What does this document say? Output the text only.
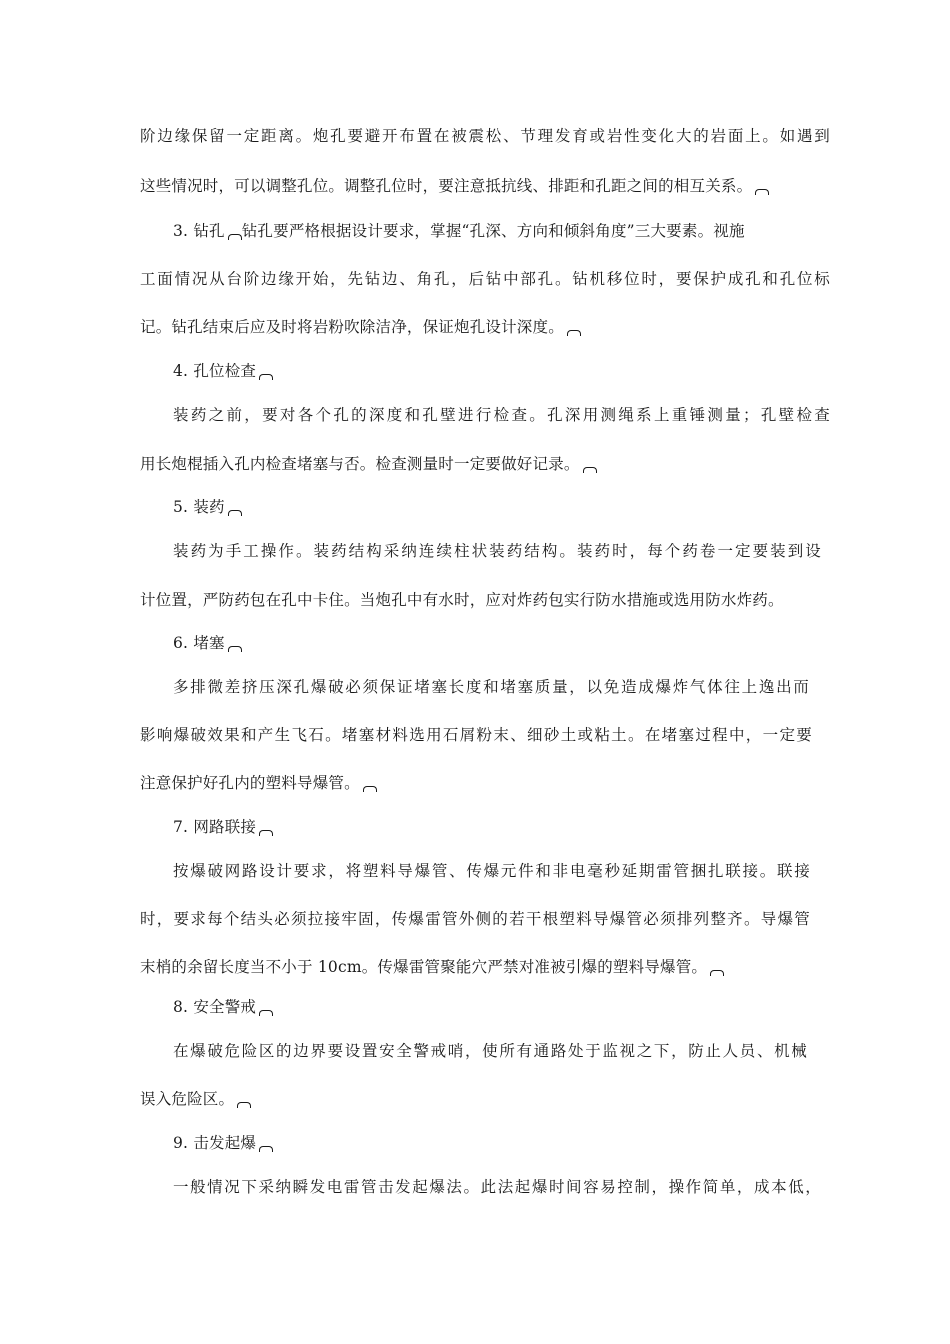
阶边缘保留一定距离。炮孔要避开布置在被震松、节理发育或岩性变化大的岩面上。如遇到
这些情况时，可以调整孔位。调整孔位时，要注意抵抗线、排距和孔距之间的相互关系。
3. 钻孔 钻孔要严格根据设计要求，掌握“孔深、方向和倾斜角度”三大要素。视施
工面情况从台阶边缘开始，先钻边、角孔，后钻中部孔。钻机移位时，要保护成孔和孔位标
记。钻孔结束后应及时将岩粉吹除洁净，保证炮孔设计深度。
4. 孔位检查
装药之前，要对各个孔的深度和孔壁进行检查。孔深用测绳系上重锤测量；孔壁检查
用长炮棍插入孔内检查堵塞与否。检查测量时一定要做好记录。
5. 装药
装药为手工操作。装药结构采纳连续柱状装药结构。装药时，每个药卷一定要装到设
计位置，严防药包在孔中卡住。当炮孔中有水时，应对炸药包实行防水措施或选用防水炸药。
6. 堵塞
多排微差挤压深孔爆破必须保证堵塞长度和堵塞质量，以免造成爆炸气体往上逸出而
影响爆破效果和产生飞石。堵塞材料选用石屑粉末、细砂土或粘土。在堵塞过程中，一定要
注意保护好孔内的塑料导爆管。
7. 网路联接
按爆破网路设计要求，将塑料导爆管、传爆元件和非电毫秒延期雷管捆扎联接。联接
时，要求每个结头必须拉接牢固，传爆雷管外侧的若干根塑料导爆管必须排列整齐。导爆管
末梢的余留长度当不小于 10cm。传爆雷管聚能穴严禁对准被引爆的塑料导爆管。
8. 安全警戒
在爆破危险区的边界要设置安全警戒哨，使所有通路处于监视之下，防止人员、机械
误入危险区。
9. 击发起爆
一般情况下采纳瞬发电雷管击发起爆法。此法起爆时间容易控制，操作简单，成本低，
